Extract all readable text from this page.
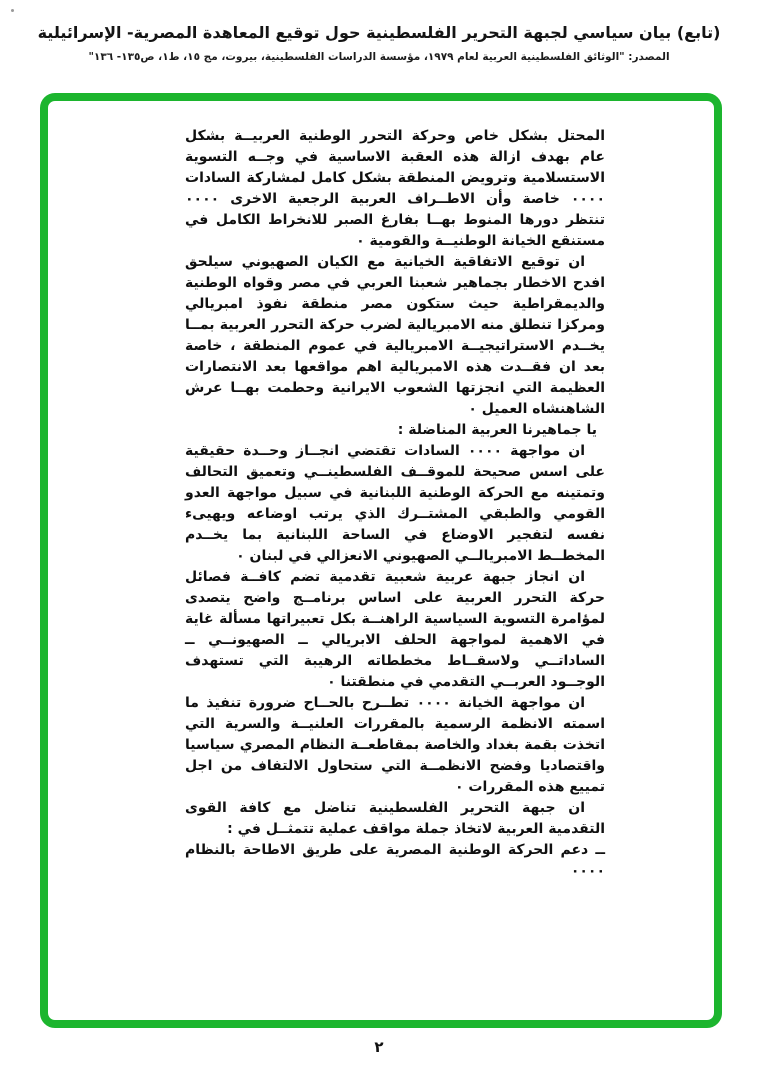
(تابع) بيان سياسي لجبهة التحرير الفلسطينية حول توقيع المعاهدة المصرية- الإسرائيلية
المصدر: "الوثائق الفلسطينية العربية لعام ١٩٧٩، مؤسسة الدراسات الفلسطينية، بيروت، مج ١٥، ط١، ص١٣٥- ١٣٦"

المحتل بشكل خاص وحركة التحرر الوطنية العربيــة بشكل عام بهدف ازالة هذه العقبة الاساسية في وجــه التسوية الاستسلامية وترويض المنطقة بشكل كامل لمشاركة السادات ٠٠٠٠ خاصة وأن الاطــراف العربية الرجعية الاخرى ٠٠٠٠ تنتظر دورها المنوط بهــا بفارغ الصبر للانخراط الكامل في مستنقع الخيانة الوطنيــة والقومية ٠

ان توقيع الاتفاقية الخيانية مع الكيان الصهيوني سيلحق افدح الاخطار بجماهير شعبنا العربي في مصر وقواه الوطنية والديمقراطية حيث ستكون مصر منطقة نفوذ امبريالي ومركزا تنطلق منه الامبريالية لضرب حركة التحرر العربية بمــا يخــدم الاستراتيجيــة الامبريالية في عموم المنطقة ، خاصة بعد ان فقــدت هذه الامبريالية اهم مواقعها بعد الانتصارات العظيمة التي انجزتها الشعوب الايرانية وحطمت بهــا عرش الشاهنشاه العميل ٠

يا جماهيرنا العربية المناضلة :

ان مواجهة ٠٠٠٠ السادات تقتضي انجــاز وحــدة حقيقية على اسس صحيحة للموقــف الفلسطينــي وتعميق التحالف وتمتينه مع الحركة الوطنية اللبنانية في سبيل مواجهة العدو القومي والطبقي المشتــرك الذي يرتب اوضاعه ويهيىء نفسه لتفجير الاوضاع في الساحة اللبنانية بما يخــدم المخطــط الامبريالــي الصهيوني الانعزالي في لبنان ٠

ان انجاز جبهة عربية شعبية تقدمية تضم كافــة فصائل حركة التحرر العربية على اساس برنامــج واضح يتصدى لمؤامرة التسوية السياسية الراهنــة بكل تعبيراتها مسألة غاية في الاهمية لمواجهة الحلف الابريالي ــ الصهيونــي ــ الساداتــي ولاسقــاط مخططاته الرهيبة التي تستهدف الوجــود العربــي التقدمي في منطقتنا ٠

ان مواجهة الخيانة ٠٠٠٠ تطــرح بالحــاح ضرورة تنفيذ ما اسمته الانظمة الرسمية بالمقررات العلنيــة والسرية التي اتخذت بقمة بغداد والخاصة بمقاطعــة النظام المصري سياسيا واقتصاديا وفضح الانظمــة التي ستحاول الالتفاف من اجل تمييع هذه المقررات ٠

ان جبهة التحرير الفلسطينية تناضل مع كافة القوى التقدمية العربية لاتخاذ جملة مواقف عملية تتمثــل في :

ــ دعم الحركة الوطنية المصرية على طريق الاطاحة بالنظام ٠٠٠٠

٢
